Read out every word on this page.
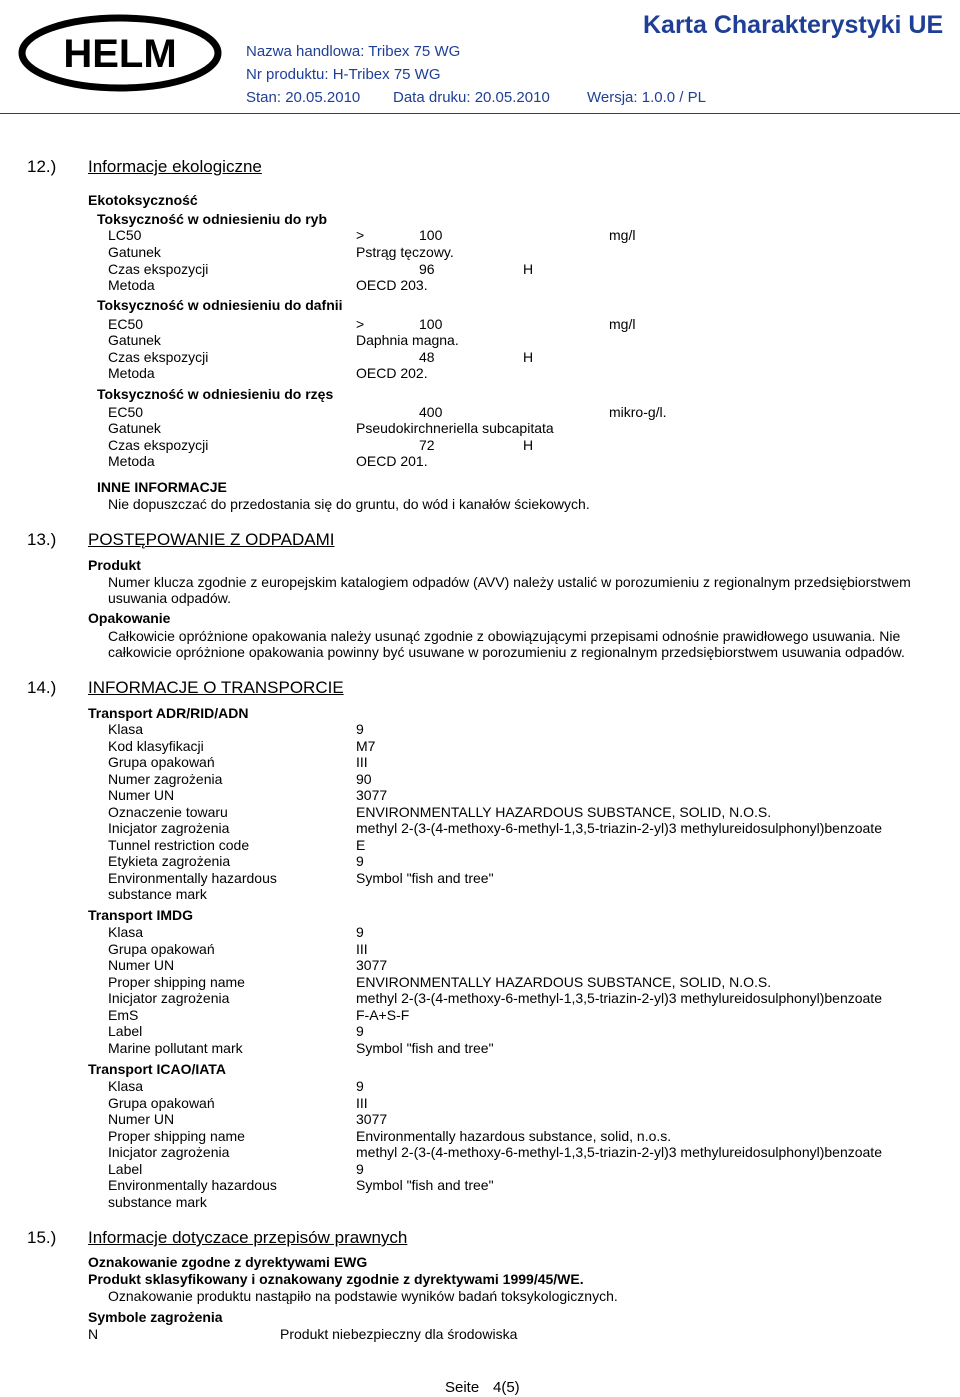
HELM	Nazwa handlowa: Tribex 75 WG
Nr produktu: H-Tribex 75 WG
Stan: 20.05.2010 Data druku: 20.05.2010 Wersja: 1.0.0 / PL
Karta Charakterystyki UE
12.) Informacje ekologiczne
Ekotoksyczność
Toksyczność w odniesieniu do ryb
LC50	>	100	mg/l
Gatunek	Pstrąg tęczowy.
Czas ekspozycji	96	H
Metoda	OECD 203.
Toksyczność w odniesieniu do dafnii
EC50	>	100	mg/l
Gatunek	Daphnia magna.
Czas ekspozycji	48	H
Metoda	OECD 202.
Toksyczność w odniesieniu do rzęs
EC50	400	mikro-g/l.
Gatunek	Pseudokirchneriella subcapitata
Czas ekspozycji	72	H
Metoda	OECD 201.
INNE INFORMACJE
Nie dopuszczać do przedostania się do gruntu, do wód i kanałów ściekowych.
13.) POSTĘPOWANIE Z ODPADAMI
Produkt
Numer klucza zgodnie z europejskim katalogiem odpadów (AVV) należy ustalić w porozumieniu z regionalnym przedsiębiorstwem usuwania odpadów.
Opakowanie
Całkowicie opróżnione opakowania należy usunąć zgodnie z obowiązującymi przepisami odnośnie prawidłowego usuwania. Nie całkowicie opróżnione opakowania powinny być usuwane w porozumieniu z regionalnym przedsiębiorstwem usuwania odpadów.
14.) INFORMACJE O TRANSPORCIE
Transport ADR/RID/ADN
Klasa	9
Kod klasyfikacji	M7
Grupa opakowań	III
Numer zagrożenia	90
Numer UN	3077
Oznaczenie towaru	ENVIRONMENTALLY HAZARDOUS SUBSTANCE, SOLID, N.O.S.
Inicjator zagrożenia	methyl 2-(3-(4-methoxy-6-methyl-1,3,5-triazin-2-yl)3 methylureidosulphonyl)benzoate
Tunnel restriction code	E
Etykieta zagrożenia	9
Environmentally hazardous	Symbol "fish and tree"
substance mark
Transport IMDG
Klasa	9
Grupa opakowań	III
Numer UN	3077
Proper shipping name	ENVIRONMENTALLY HAZARDOUS SUBSTANCE, SOLID, N.O.S.
Inicjator zagrożenia	methyl 2-(3-(4-methoxy-6-methyl-1,3,5-triazin-2-yl)3 methylureidosulphonyl)benzoate
EmS	F-A+S-F
Label	9
Marine pollutant mark	Symbol "fish and tree"
Transport ICAO/IATA
Klasa	9
Grupa opakowań	III
Numer UN	3077
Proper shipping name	Environmentally hazardous substance, solid, n.o.s.
Inicjator zagrożenia	methyl 2-(3-(4-methoxy-6-methyl-1,3,5-triazin-2-yl)3 methylureidosulphonyl)benzoate
Label	9
Environmentally hazardous	Symbol "fish and tree"
substance mark
15.) Informacje dotyczace przepisów prawnych
Oznakowanie zgodne z dyrektywami EWG
Produkt sklasyfikowany i oznakowany zgodnie z dyrektywami 1999/45/WE.
Oznakowanie produktu nastąpiło na podstawie wyników badań toksykologicznych.
Symbole zagrożenia
N	Produkt niebezpieczny dla środowiska
Seite 4(5)
